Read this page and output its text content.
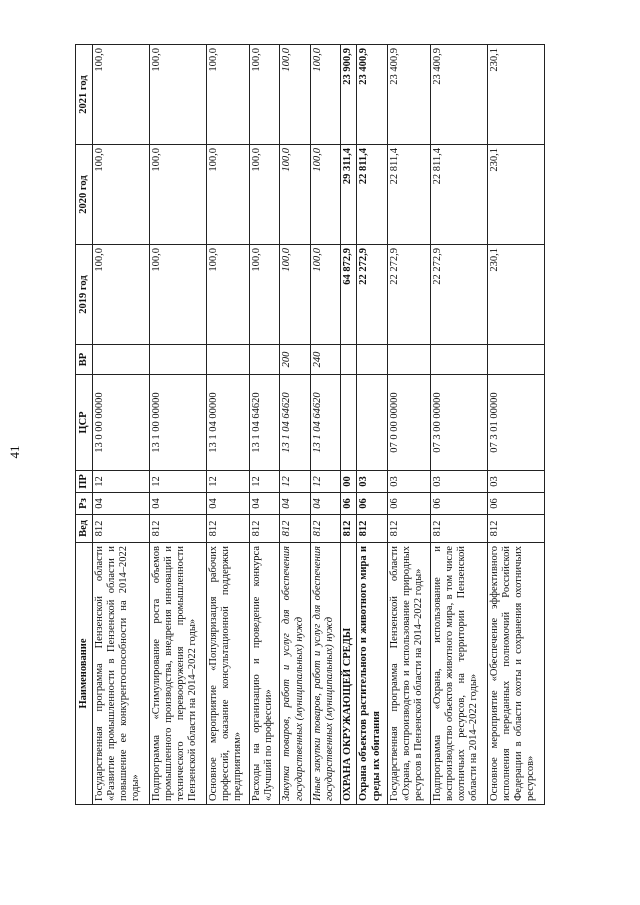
41
Наименование	Вед	Рз	ПР	ЦСР	ВР	2019 год	2020 год	2021 год
Государственная программа Пензенской области «Развитие промышленности в Пензенской области и повышение ее конкурентоспособности на 2014–2022 годы»	812	04	12	13 0 00 00000		100,0	100,0	100,0
Подпрограмма «Стимулирование роста объемов промышленного производства, внедрения инноваций и технического перевооружения промышленности Пензенской области на 2014–2022 годы»	812	04	12	13 1 00 00000		100,0	100,0	100,0
Основное мероприятие «Популяризация рабочих профессий, оказание консультационной поддержки предприятиям»	812	04	12	13 1 04 00000		100,0	100,0	100,0
Расходы на организацию и проведение конкурса «Лучший по профессии»	812	04	12	13 1 04 64620		100,0	100,0	100,0
Закупка товаров, работ и услуг для обеспечения государственных (муниципальных) нужд	812	04	12	13 1 04 64620	200	100,0	100,0	100,0
Иные закупки товаров, работ и услуг для обеспечения государственных (муниципальных) нужд	812	04	12	13 1 04 64620	240	100,0	100,0	100,0
ОХРАНА ОКРУЖАЮЩЕЙ СРЕДЫ	812	06	00			64 872,9	29 311,4	23 900,9
Охрана объектов растительного и животного мира и среды их обитания	812	06	03			22 272,9	22 811,4	23 400,9
Государственная программа Пензенской области «Охрана, воспроизводство и использование природных ресурсов в Пензенской области на 2014–2022 годы»	812	06	03	07 0 00 00000		22 272,9	22 811,4	23 400,9
Подпрограмма «Охрана, использование и воспроизводство объектов животного мира, в том числе охотничьих ресурсов, на территории Пензенской области на 2014–2022 годы»	812	06	03	07 3 00 00000		22 272,9	22 811,4	23 400,9
Основное мероприятие «Обеспечение эффективного исполнения переданных полномочий Российской Федерации в области охоты и сохранения охотничьих ресурсов»	812	06	03	07 3 01 00000		230,1	230,1	230,1
